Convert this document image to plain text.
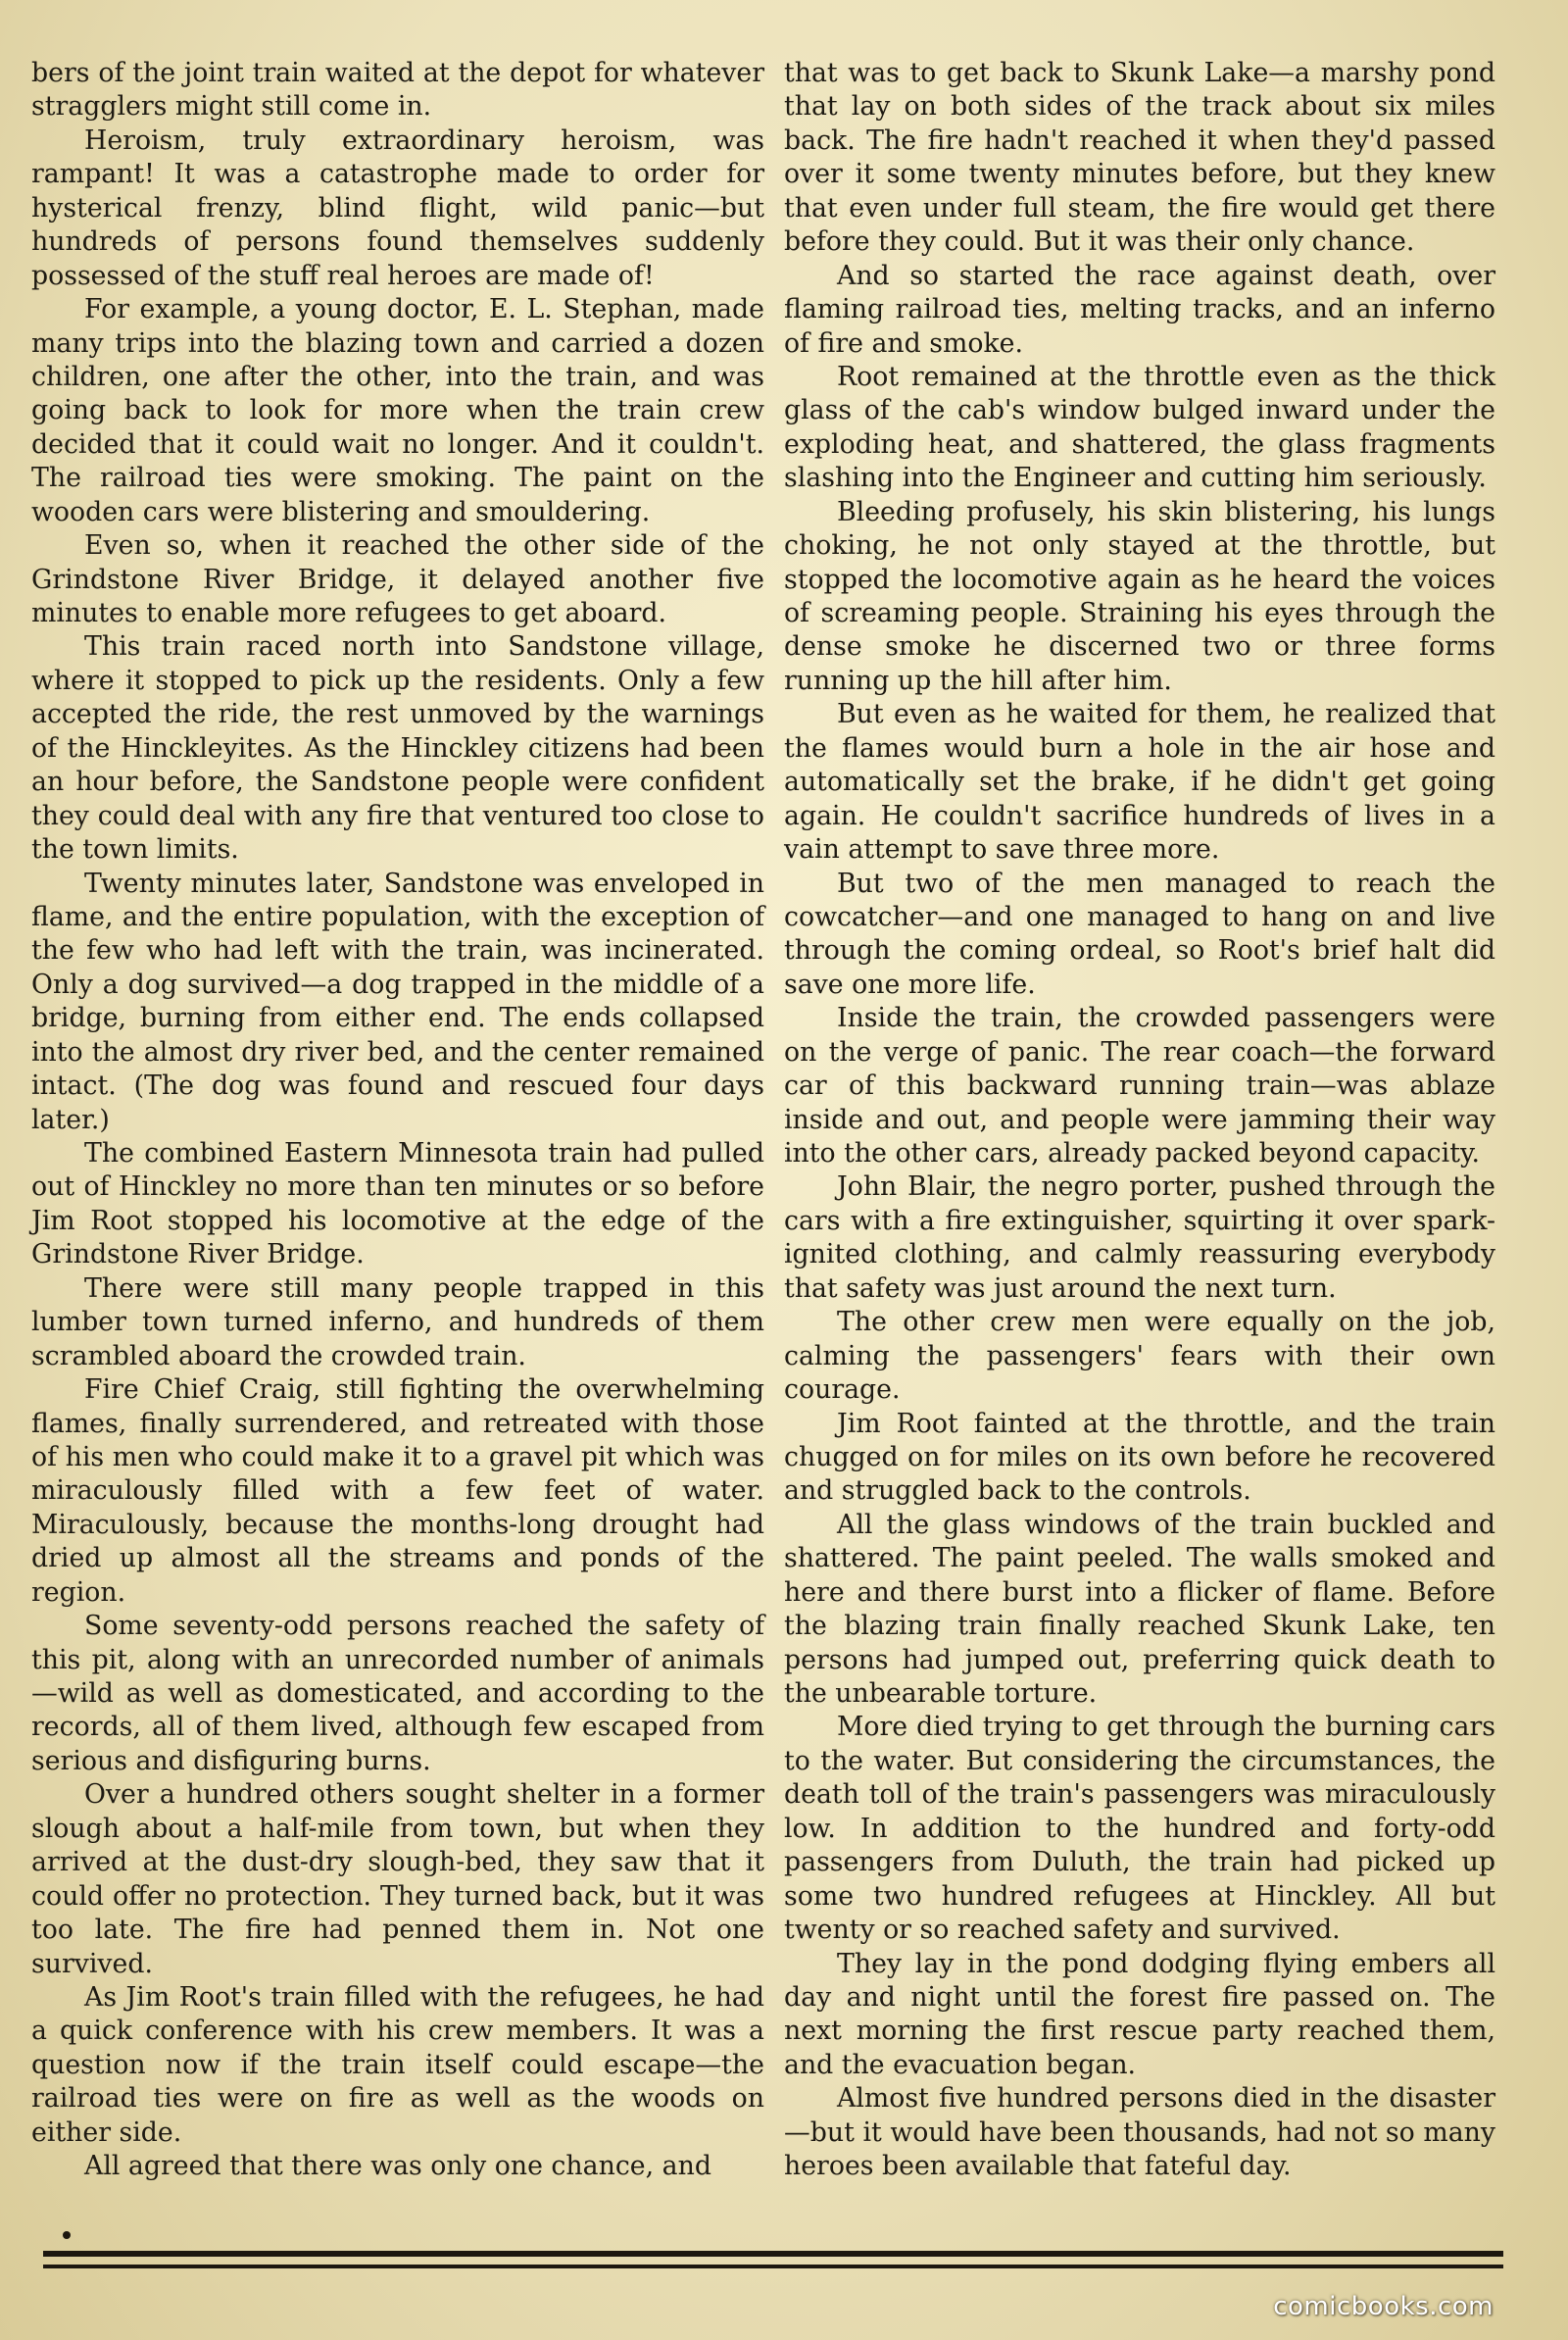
bers of the joint train waited at the depot for whatever stragglers might still come in.

Heroism, truly extraordinary heroism, was rampant! It was a catastrophe made to order for hysterical frenzy, blind flight, wild panic—but hundreds of persons found themselves suddenly possessed of the stuff real heroes are made of!

For example, a young doctor, E. L. Stephan, made many trips into the blazing town and carried a dozen children, one after the other, into the train, and was going back to look for more when the train crew decided that it could wait no longer. And it couldn't. The railroad ties were smoking. The paint on the wooden cars were blistering and smouldering.

Even so, when it reached the other side of the Grindstone River Bridge, it delayed another five minutes to enable more refugees to get aboard.

This train raced north into Sandstone village, where it stopped to pick up the residents. Only a few accepted the ride, the rest unmoved by the warnings of the Hinckleyites. As the Hinckley citizens had been an hour before, the Sandstone people were confident they could deal with any fire that ventured too close to the town limits.

Twenty minutes later, Sandstone was enveloped in flame, and the entire population, with the exception of the few who had left with the train, was incinerated. Only a dog survived—a dog trapped in the middle of a bridge, burning from either end. The ends collapsed into the almost dry river bed, and the center remained intact. (The dog was found and rescued four days later.)

The combined Eastern Minnesota train had pulled out of Hinckley no more than ten minutes or so before Jim Root stopped his locomotive at the edge of the Grindstone River Bridge.

There were still many people trapped in this lumber town turned inferno, and hundreds of them scrambled aboard the crowded train.

Fire Chief Craig, still fighting the overwhelming flames, finally surrendered, and retreated with those of his men who could make it to a gravel pit which was miraculously filled with a few feet of water. Miraculously, because the months-long drought had dried up almost all the streams and ponds of the region.

Some seventy-odd persons reached the safety of this pit, along with an unrecorded number of animals—wild as well as domesticated, and according to the records, all of them lived, although few escaped from serious and disfiguring burns.

Over a hundred others sought shelter in a former slough about a half-mile from town, but when they arrived at the dust-dry slough-bed, they saw that it could offer no protection. They turned back, but it was too late. The fire had penned them in. Not one survived.

As Jim Root's train filled with the refugees, he had a quick conference with his crew members. It was a question now if the train itself could escape—the railroad ties were on fire as well as the woods on either side.

All agreed that there was only one chance, and

that was to get back to Skunk Lake—a marshy pond that lay on both sides of the track about six miles back. The fire hadn't reached it when they'd passed over it some twenty minutes before, but they knew that even under full steam, the fire would get there before they could. But it was their only chance.

And so started the race against death, over flaming railroad ties, melting tracks, and an inferno of fire and smoke.

Root remained at the throttle even as the thick glass of the cab's window bulged inward under the exploding heat, and shattered, the glass fragments slashing into the Engineer and cutting him seriously.

Bleeding profusely, his skin blistering, his lungs choking, he not only stayed at the throttle, but stopped the locomotive again as he heard the voices of screaming people. Straining his eyes through the dense smoke he discerned two or three forms running up the hill after him.

But even as he waited for them, he realized that the flames would burn a hole in the air hose and automatically set the brake, if he didn't get going again. He couldn't sacrifice hundreds of lives in a vain attempt to save three more.

But two of the men managed to reach the cowcatcher—and one managed to hang on and live through the coming ordeal, so Root's brief halt did save one more life.

Inside the train, the crowded passengers were on the verge of panic. The rear coach—the forward car of this backward running train—was ablaze inside and out, and people were jamming their way into the other cars, already packed beyond capacity.

John Blair, the negro porter, pushed through the cars with a fire extinguisher, squirting it over spark-ignited clothing, and calmly reassuring everybody that safety was just around the next turn.

The other crew men were equally on the job, calming the passengers' fears with their own courage.

Jim Root fainted at the throttle, and the train chugged on for miles on its own before he recovered and struggled back to the controls.

All the glass windows of the train buckled and shattered. The paint peeled. The walls smoked and here and there burst into a flicker of flame. Before the blazing train finally reached Skunk Lake, ten persons had jumped out, preferring quick death to the unbearable torture.

More died trying to get through the burning cars to the water. But considering the circumstances, the death toll of the train's passengers was miraculously low. In addition to the hundred and forty-odd passengers from Duluth, the train had picked up some two hundred refugees at Hinckley. All but twenty or so reached safety and survived.

They lay in the pond dodging flying embers all day and night until the forest fire passed on. The next morning the first rescue party reached them, and the evacuation began.

Almost five hundred persons died in the disaster—but it would have been thousands, had not so many heroes been available that fateful day.

comicbooks.com
